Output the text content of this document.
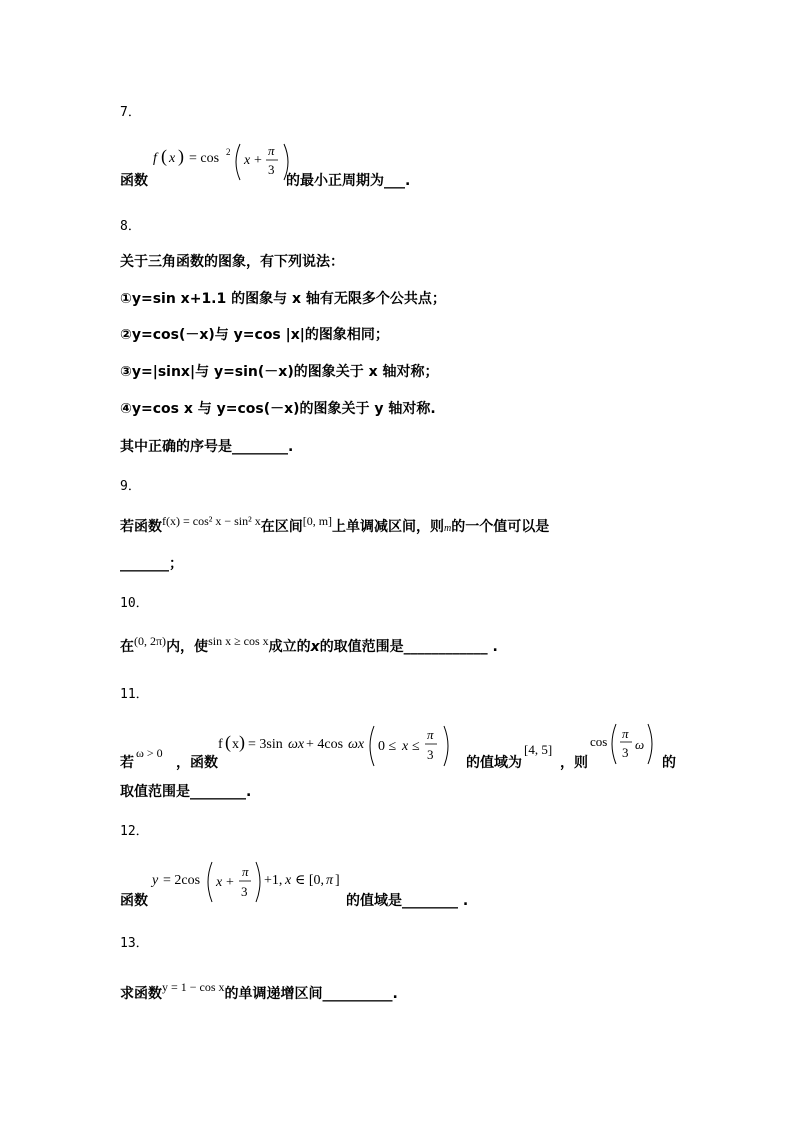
7．
函数
f ( x ) = cos 2
x +
π
3
的最小正周期为___.
8．
关于三角函数的图象，有下列说法：
①y=sin x+1.1 的图象与 x 轴有无限多个公共点；
②y=cos(－x)与 y=cos |x|的图象相同；
③y=|sinx|与 y=sin(－x)的图象关于 x 轴对称；
④y=cos x 与 y=cos(－x)的图象关于 y 轴对称.
其中正确的序号是________.
9．
若函数$^{f(x) = cos^2 x - sin^2 x}$在区间[0, m]上单调减区间，则m的一个值可以是
_______；
10．
在$^{(0, 2\pi)}$内，使$^{sin x \ge cos x}$成立的x的取值范围是____________ .
11．
若
ω > 0
，函数
f ( x ) = 3sin ωx + 4cos ωx 0 ≤ x ≤
π
3
的值域为
[4, 5]
，则
cos
π
3
ω
的
取值范围是________.
12．
函数
y = 2cos x +
π
3
+1, x ∈ [0, π ]
的值域是________ .
13．
求函数$^{y = 1 - cos x}$的单调递增区间__________.
